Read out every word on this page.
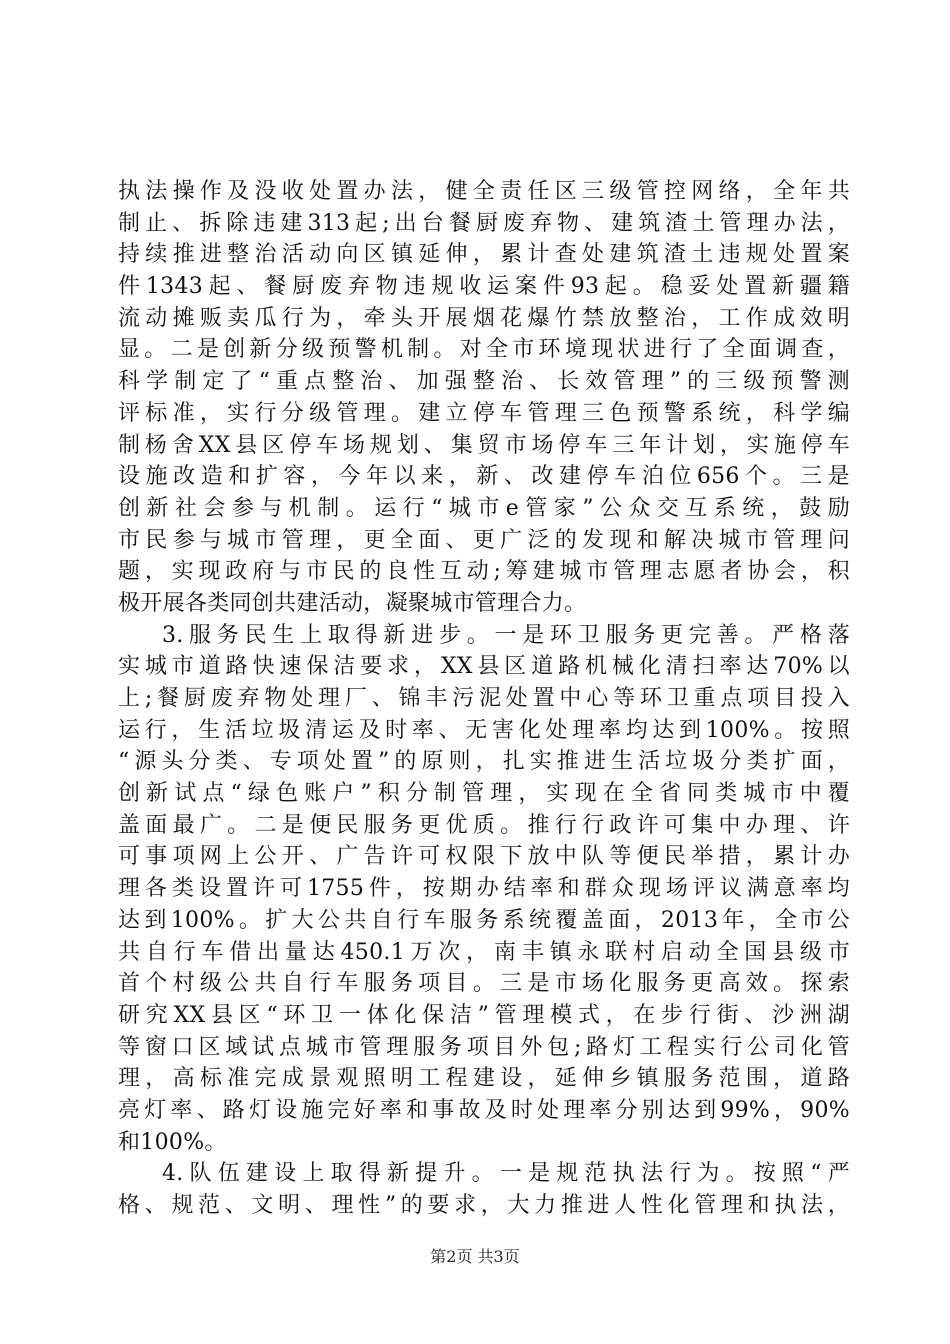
执法操作及没收处置办法，健全责任区三级管控网络，全年共
制止、拆除违建313起;出台餐厨废弃物、建筑渣土管理办法，
持续推进整治活动向区镇延伸，累计查处建筑渣土违规处置案
件1343起、餐厨废弃物违规收运案件93起。稳妥处置新疆籍
流动摊贩卖瓜行为，牵头开展烟花爆竹禁放整治，工作成效明
显。二是创新分级预警机制。对全市环境现状进行了全面调查，
科学制定了“重点整治、加强整治、长效管理”的三级预警测
评标准，实行分级管理。建立停车管理三色预警系统，科学编
制杨舍XX县区停车场规划、集贸市场停车三年计划，实施停车
设施改造和扩容，今年以来，新、改建停车泊位656个。三是
创新社会参与机制。运行“城市e管家”公众交互系统，鼓励
市民参与城市管理，更全面、更广泛的发现和解决城市管理问
题，实现政府与市民的良性互动;筹建城市管理志愿者协会，积
极开展各类同创共建活动，凝聚城市管理合力。
3.服务民生上取得新进步。一是环卫服务更完善。严格落
实城市道路快速保洁要求，XX县区道路机械化清扫率达70%以
上;餐厨废弃物处理厂、锦丰污泥处置中心等环卫重点项目投入
运行，生活垃圾清运及时率、无害化处理率均达到100%。按照
“源头分类、专项处置”的原则，扎实推进生活垃圾分类扩面，
创新试点“绿色账户”积分制管理，实现在全省同类城市中覆
盖面最广。二是便民服务更优质。推行行政许可集中办理、许
可事项网上公开、广告许可权限下放中队等便民举措，累计办
理各类设置许可1755件，按期办结率和群众现场评议满意率均
达到100%。扩大公共自行车服务系统覆盖面，2013年，全市公
共自行车借出量达450.1万次，南丰镇永联村启动全国县级市
首个村级公共自行车服务项目。三是市场化服务更高效。探索
研究XX县区“环卫一体化保洁”管理模式，在步行街、沙洲湖
等窗口区域试点城市管理服务项目外包;路灯工程实行公司化管
理，高标准完成景观照明工程建设，延伸乡镇服务范围，道路
亮灯率、路灯设施完好率和事故及时处理率分别达到99%，90%
和100%。
4.队伍建设上取得新提升。一是规范执法行为。按照“严
格、规范、文明、理性”的要求，大力推进人性化管理和执法，
第2页 共3页
